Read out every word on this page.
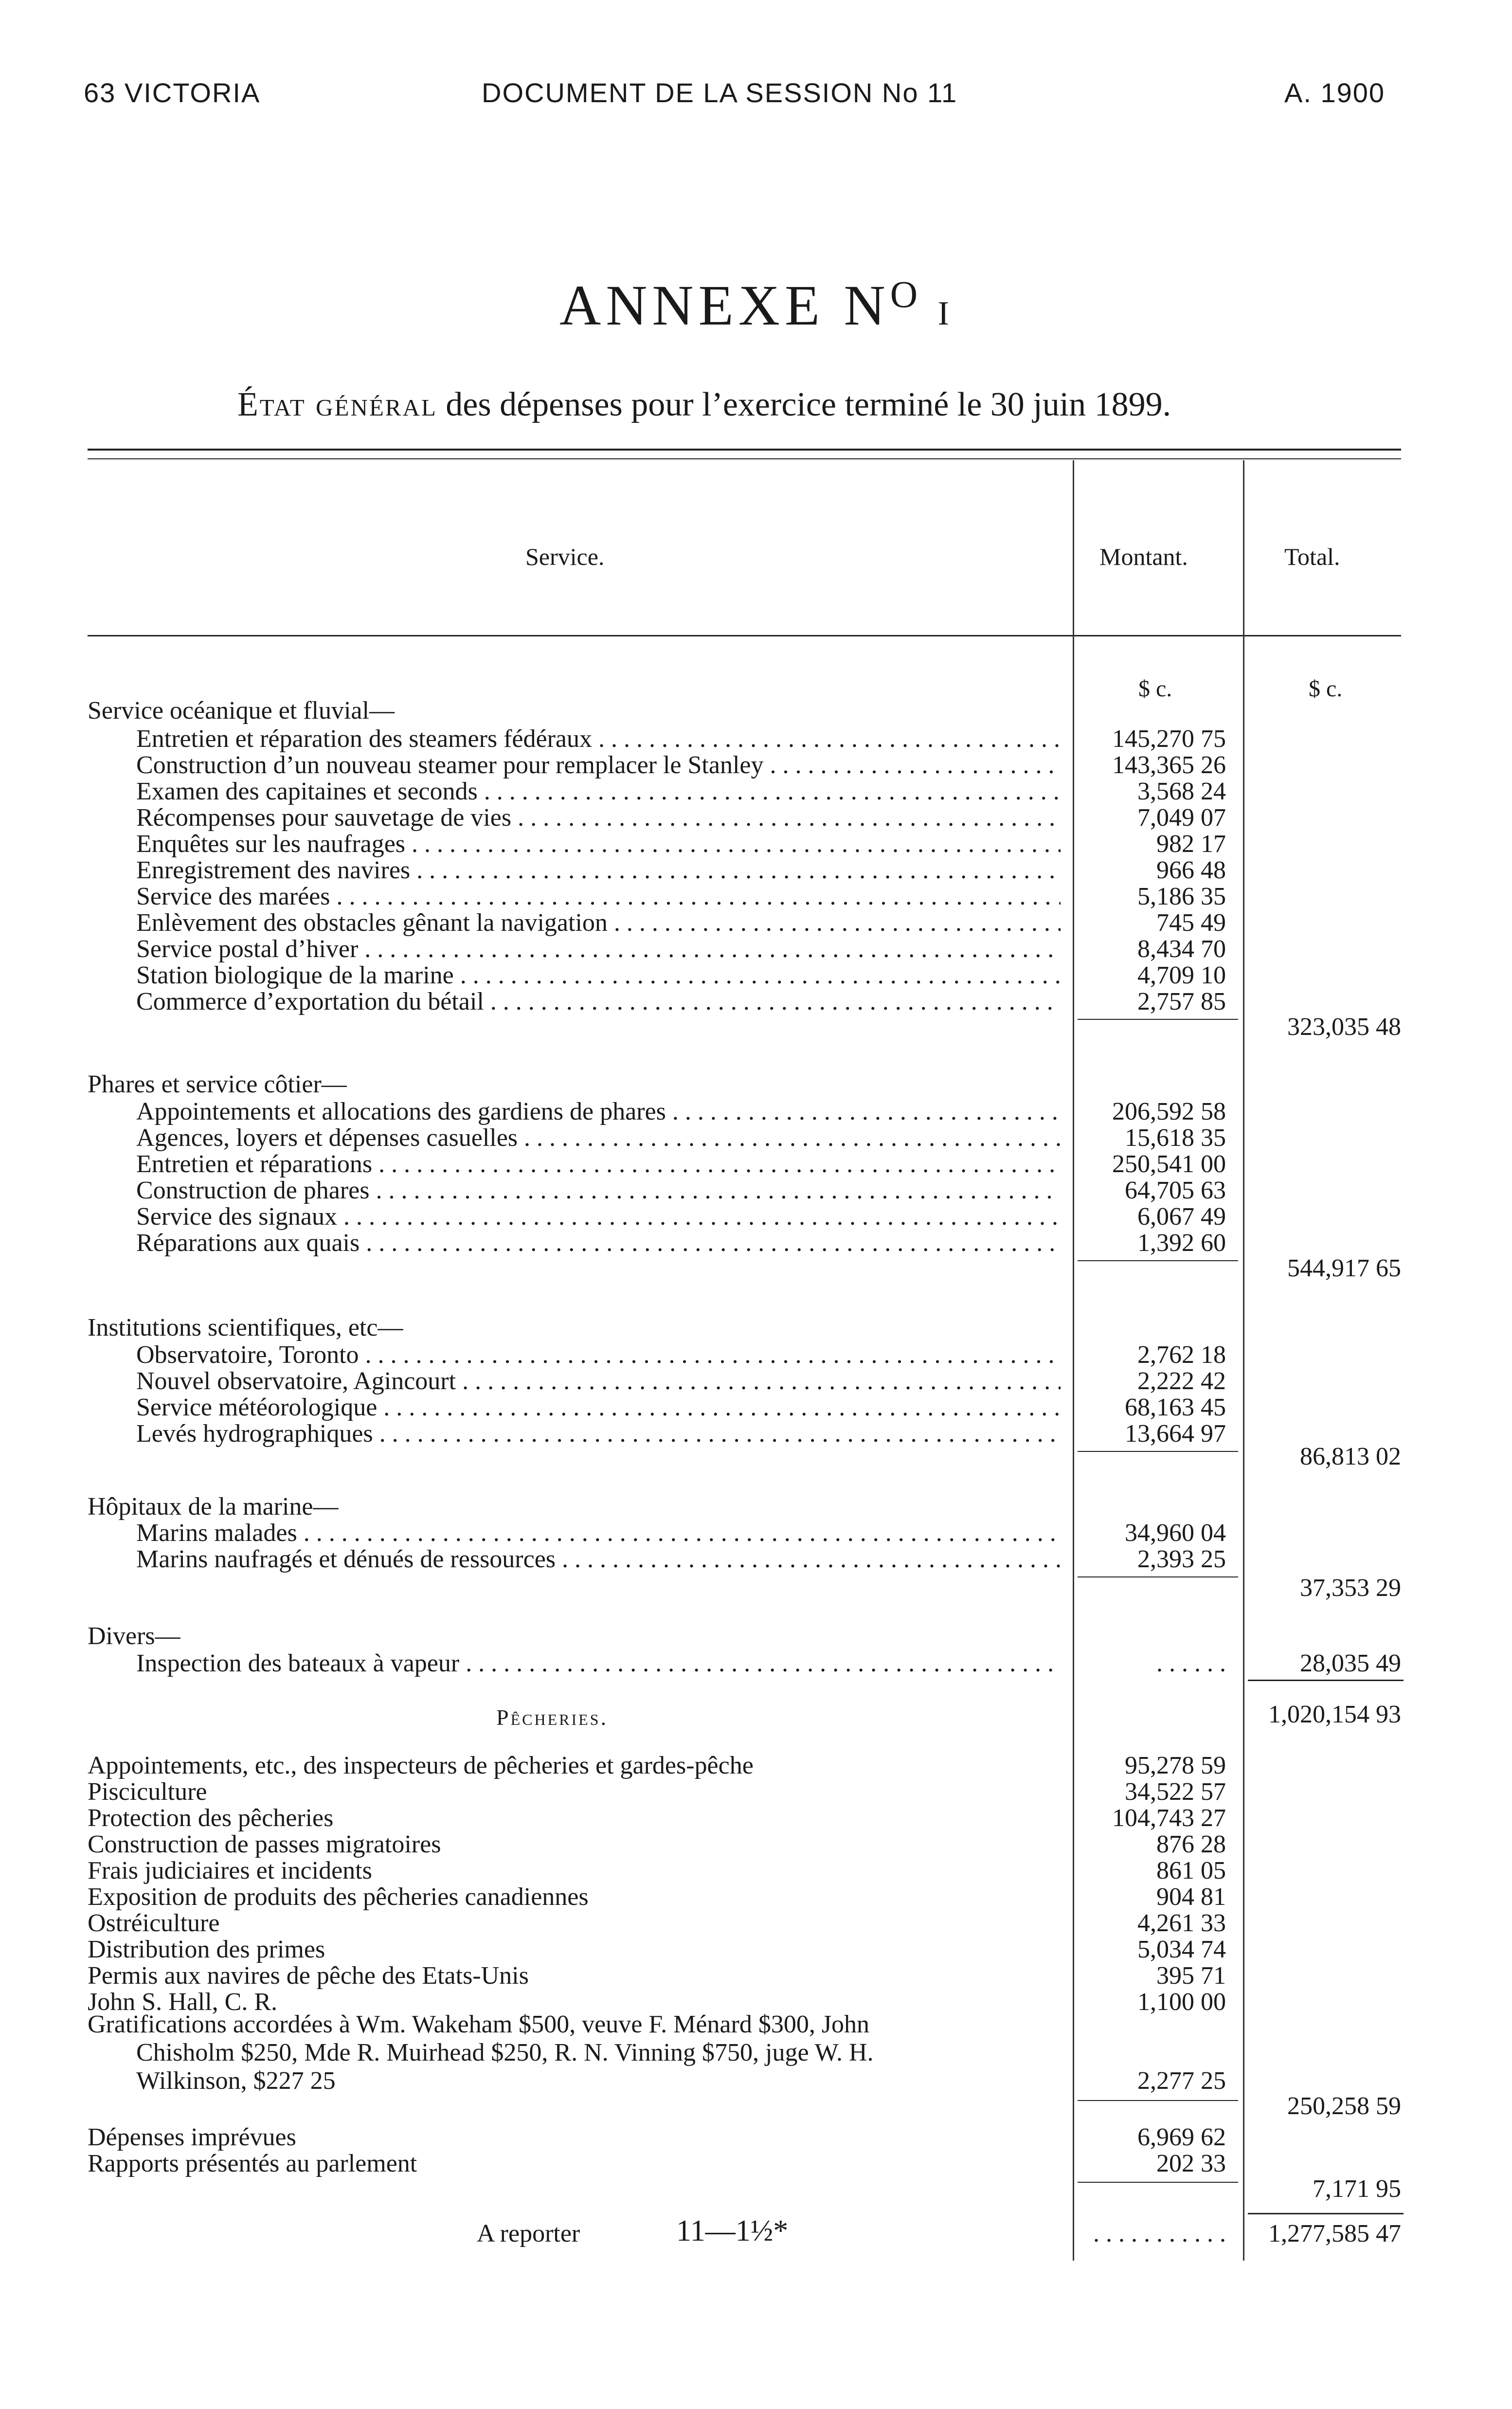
63 VICTORIA	DOCUMENT DE LA SESSION No 11	A. 1900
ANNEXE $N^O$ I
État général des dépenses pour l’exercice terminé le 30 juin 1899.
Service.	Montant.	Total.
$ c.	$ c.
Service océanique et fluvial—
Entretien et réparation des steamers fédéraux . . .	145,270 75
Construction d’un nouveau steamer pour remplacer le Stanley . . .	143,365 26
Examen des capitaines et seconds . . .	3,568 24
Récompenses pour sauvetage de vies . . .	7,049 07
Enquêtes sur les naufrages . . .	982 17
Enregistrement des navires . . .	966 48
Service des marées . . .	5,186 35
Enlèvement des obstacles gênant la navigation . . .	745 49
Service postal d’hiver . . .	8,434 70
Station biologique de la marine . . .	4,709 10
Commerce d’exportation du bétail . . .	2,757 85
323,035 48
Phares et service côtier—
Appointements et allocations des gardiens de phares . . .	206,592 58
Agences, loyers et dépenses casuelles . . .	15,618 35
Entretien et réparations . . .	250,541 00
Construction de phares . . .	64,705 63
Service des signaux . . .	6,067 49
Réparations aux quais . . .	1,392 60
544,917 65
Institutions scientifiques, etc—
Observatoire, Toronto . . .	2,762 18
Nouvel observatoire, Agincourt . . .	2,222 42
Service météorologique . . .	68,163 45
Levés hydrographiques . . .	13,664 97
86,813 02
Hôpitaux de la marine—
Marins malades . . .	34,960 04
Marins naufragés et dénués de ressources . . .	2,393 25
37,353 29
Divers—
Inspection des bateaux à vapeur . . .	. . . . . .	28,035 49
1,020,154 93
Pêcheries.
Appointements, etc., des inspecteurs de pêcheries et gardes-pêche	95,278 59
Pisciculture	34,522 57
Protection des pêcheries	104,743 27
Construction de passes migratoires	876 28
Frais judiciaires et incidents	861 05
Exposition de produits des pêcheries canadiennes	904 81
Ostréiculture	4,261 33
Distribution des primes	5,034 74
Permis aux navires de pêche des Etats-Unis	395 71
John S. Hall, C. R.	1,100 00
Gratifications accordées à Wm. Wakeham $500, veuve F. Ménard $300, John
Chisholm $250, Mde R. Muirhead $250, R. N. Vinning $750, juge W. H.
Wilkinson, $227 25	2,277 25
250,258 59
Dépenses imprévues	6,969 62
Rapports présentés au parlement	202 33
7,171 95
A reporter	. . . . . . . . . . .	1,277,585 47
11—1½*
